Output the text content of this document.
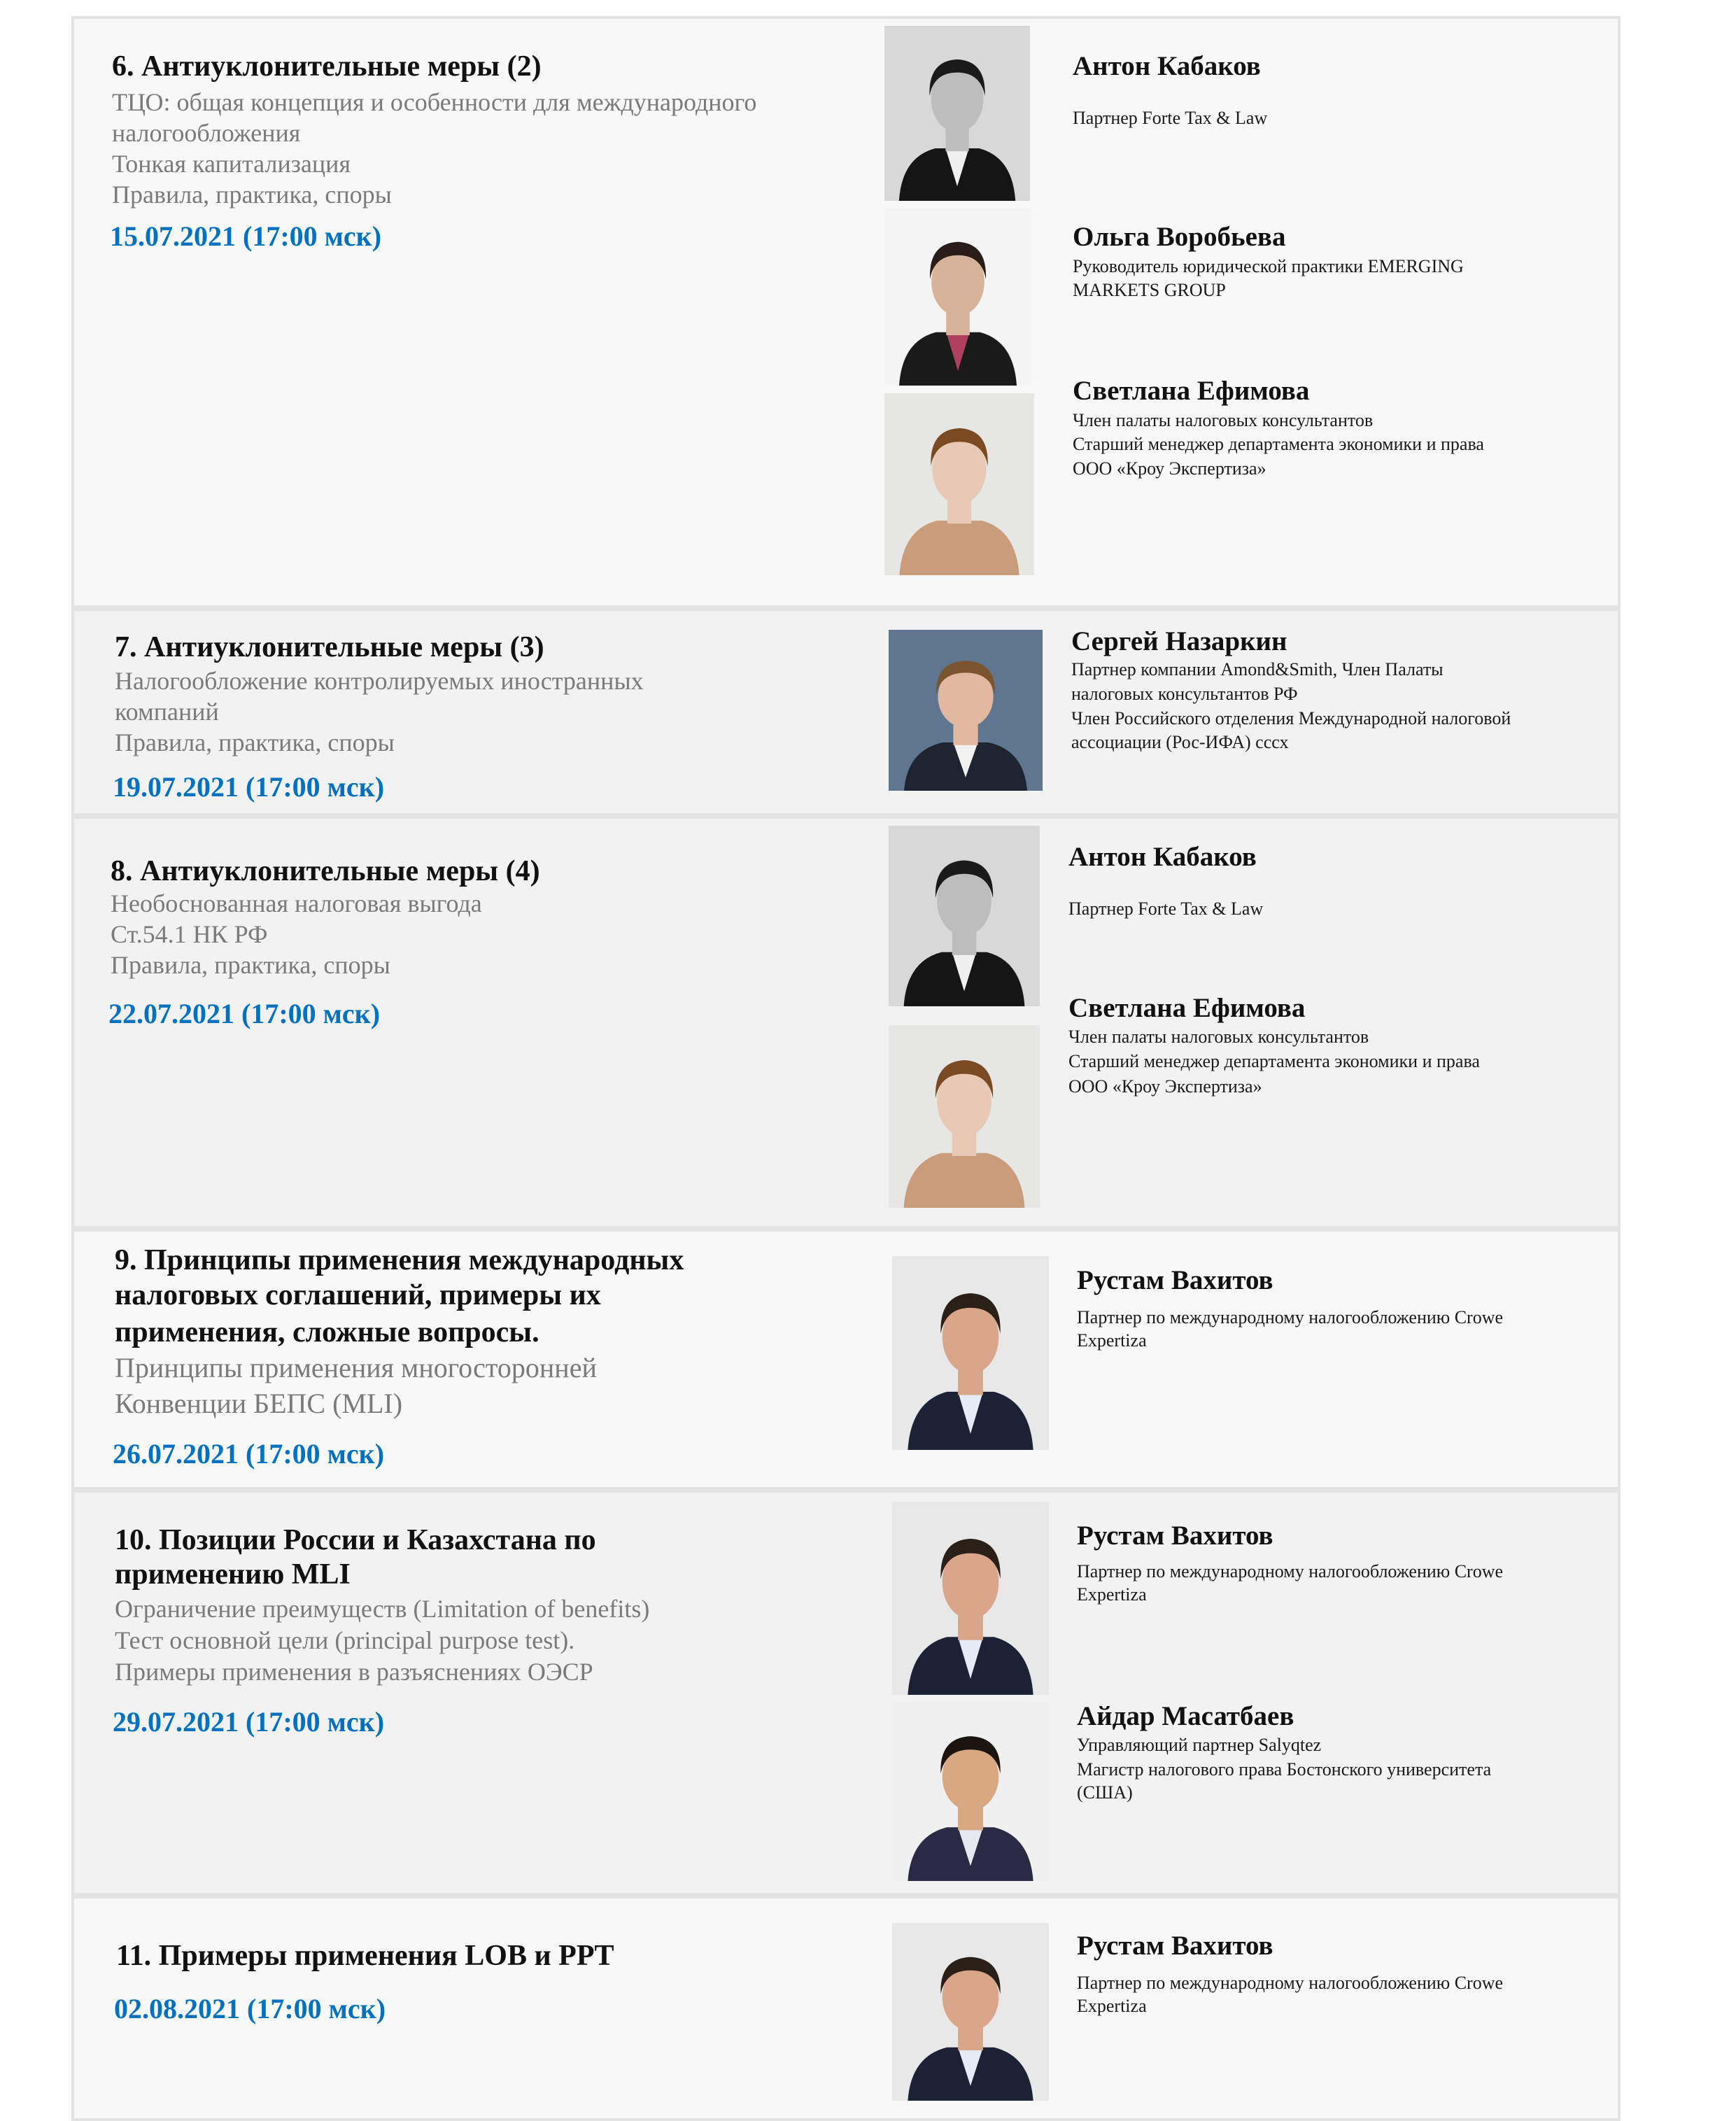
6. Антиуклонительные меры (2)
ТЦО: общая концепция и особенности для международного
налогообложения
Тонкая капитализация
Правила, практика, споры
15.07.2021 (17:00 мск)
Антон Кабаков
Партнер Forte Tax & Law
Ольга Воробьева
Руководитель юридической практики EMERGING
MARKETS GROUP
Светлана Ефимова
Член палаты налоговых консультантов
Старший менеджер департамента экономики и права
ООО «Кроу Экспертиза»
7. Антиуклонительные меры (3)
Налогообложение контролируемых иностранных
компаний
Правила, практика, споры
19.07.2021 (17:00 мск)
Сергей Назаркин
Партнер компании Amond&Smith, Член Палаты
налоговых консультантов РФ
Член Российского отделения Международной налоговой
ассоциации (Рос-ИФА) сссх
8. Антиуклонительные меры (4)
Необоснованная налоговая выгода
Ст.54.1 НК РФ
Правила, практика, споры
22.07.2021 (17:00 мск)
Антон Кабаков
Партнер Forte Tax & Law
Светлана Ефимова
Член палаты налоговых консультантов
Старший менеджер департамента экономики и права
ООО «Кроу Экспертиза»
9. Принципы применения международных
налоговых соглашений, примеры их
применения, сложные вопросы.
Принципы применения многосторонней
Конвенции БЕПС (MLI)
26.07.2021 (17:00 мск)
Рустам Вахитов
Партнер по международному налогообложению Crowe
Expertiza
10. Позиции России и Казахстана по
применению MLI
Ограничение преимуществ (Limitation of benefits)
Тест основной цели (principal purpose test).
Примеры применения в разъяснениях ОЭСР
29.07.2021 (17:00 мск)
Рустам Вахитов
Партнер по международному налогообложению Crowe
Expertiza
Айдар Масатбаев
Управляющий партнер Salyqtez
Магистр налогового права Бостонского университета
(США)
11. Примеры применения LOB и PPT
02.08.2021 (17:00 мск)
Рустам Вахитов
Партнер по международному налогообложению Crowe
Expertiza
